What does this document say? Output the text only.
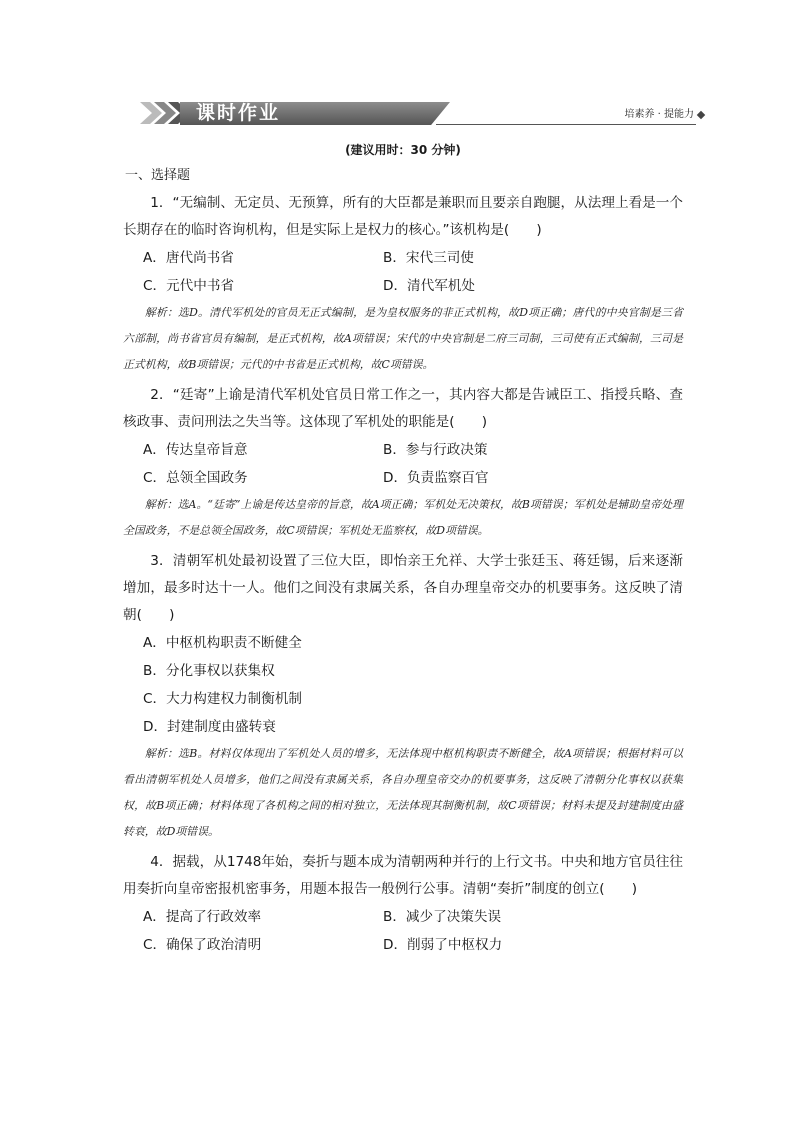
课时作业	培素养 · 提能力
(建议用时：30 分钟)
一、选择题

1．“无编制、无定员、无预算，所有的大臣都是兼职而且要亲自跑腿，从法理上看是一个长期存在的临时咨询机构，但是实际上是权力的核心。”该机构是(　　)

A．唐代尚书省	B．宋代三司使
C．元代中书省	D．清代军机处

解析：选D。清代军机处的官员无正式编制，是为皇权服务的非正式机构，故D项正确；唐代的中央官制是三省六部制，尚书省官员有编制，是正式机构，故A项错误；宋代的中央官制是二府三司制，三司使有正式编制，三司是正式机构，故B项错误；元代的中书省是正式机构，故C项错误。

2．“廷寄”上谕是清代军机处官员日常工作之一，其内容大都是告诫臣工、指授兵略、查核政事、责问刑法之失当等。这体现了军机处的职能是(　　)

A．传达皇帝旨意	B．参与行政决策
C．总领全国政务	D．负责监察百官

解析：选A。“廷寄”上谕是传达皇帝的旨意，故A项正确；军机处无决策权，故B项错误；军机处是辅助皇帝处理全国政务，不是总领全国政务，故C项错误；军机处无监察权，故D项错误。

3．清朝军机处最初设置了三位大臣，即怡亲王允祥、大学士张廷玉、蒋廷锡，后来逐渐增加，最多时达十一人。他们之间没有隶属关系，各自办理皇帝交办的机要事务。这反映了清朝(　　)

A．中枢机构职责不断健全
B．分化事权以获集权
C．大力构建权力制衡机制
D．封建制度由盛转衰

解析：选B。材料仅体现出了军机处人员的增多，无法体现中枢机构职责不断健全，故A项错误；根据材料可以看出清朝军机处人员增多，他们之间没有隶属关系，各自办理皇帝交办的机要事务，这反映了清朝分化事权以获集权，故B项正确；材料体现了各机构之间的相对独立，无法体现其制衡机制，故C项错误；材料未提及封建制度由盛转衰，故D项错误。

4．据载，从1748年始，奏折与题本成为清朝两种并行的上行文书。中央和地方官员往往用奏折向皇帝密报机密事务，用题本报告一般例行公事。清朝“奏折”制度的创立(　　)

A．提高了行政效率	B．减少了决策失误
C．确保了政治清明	D．削弱了中枢权力
